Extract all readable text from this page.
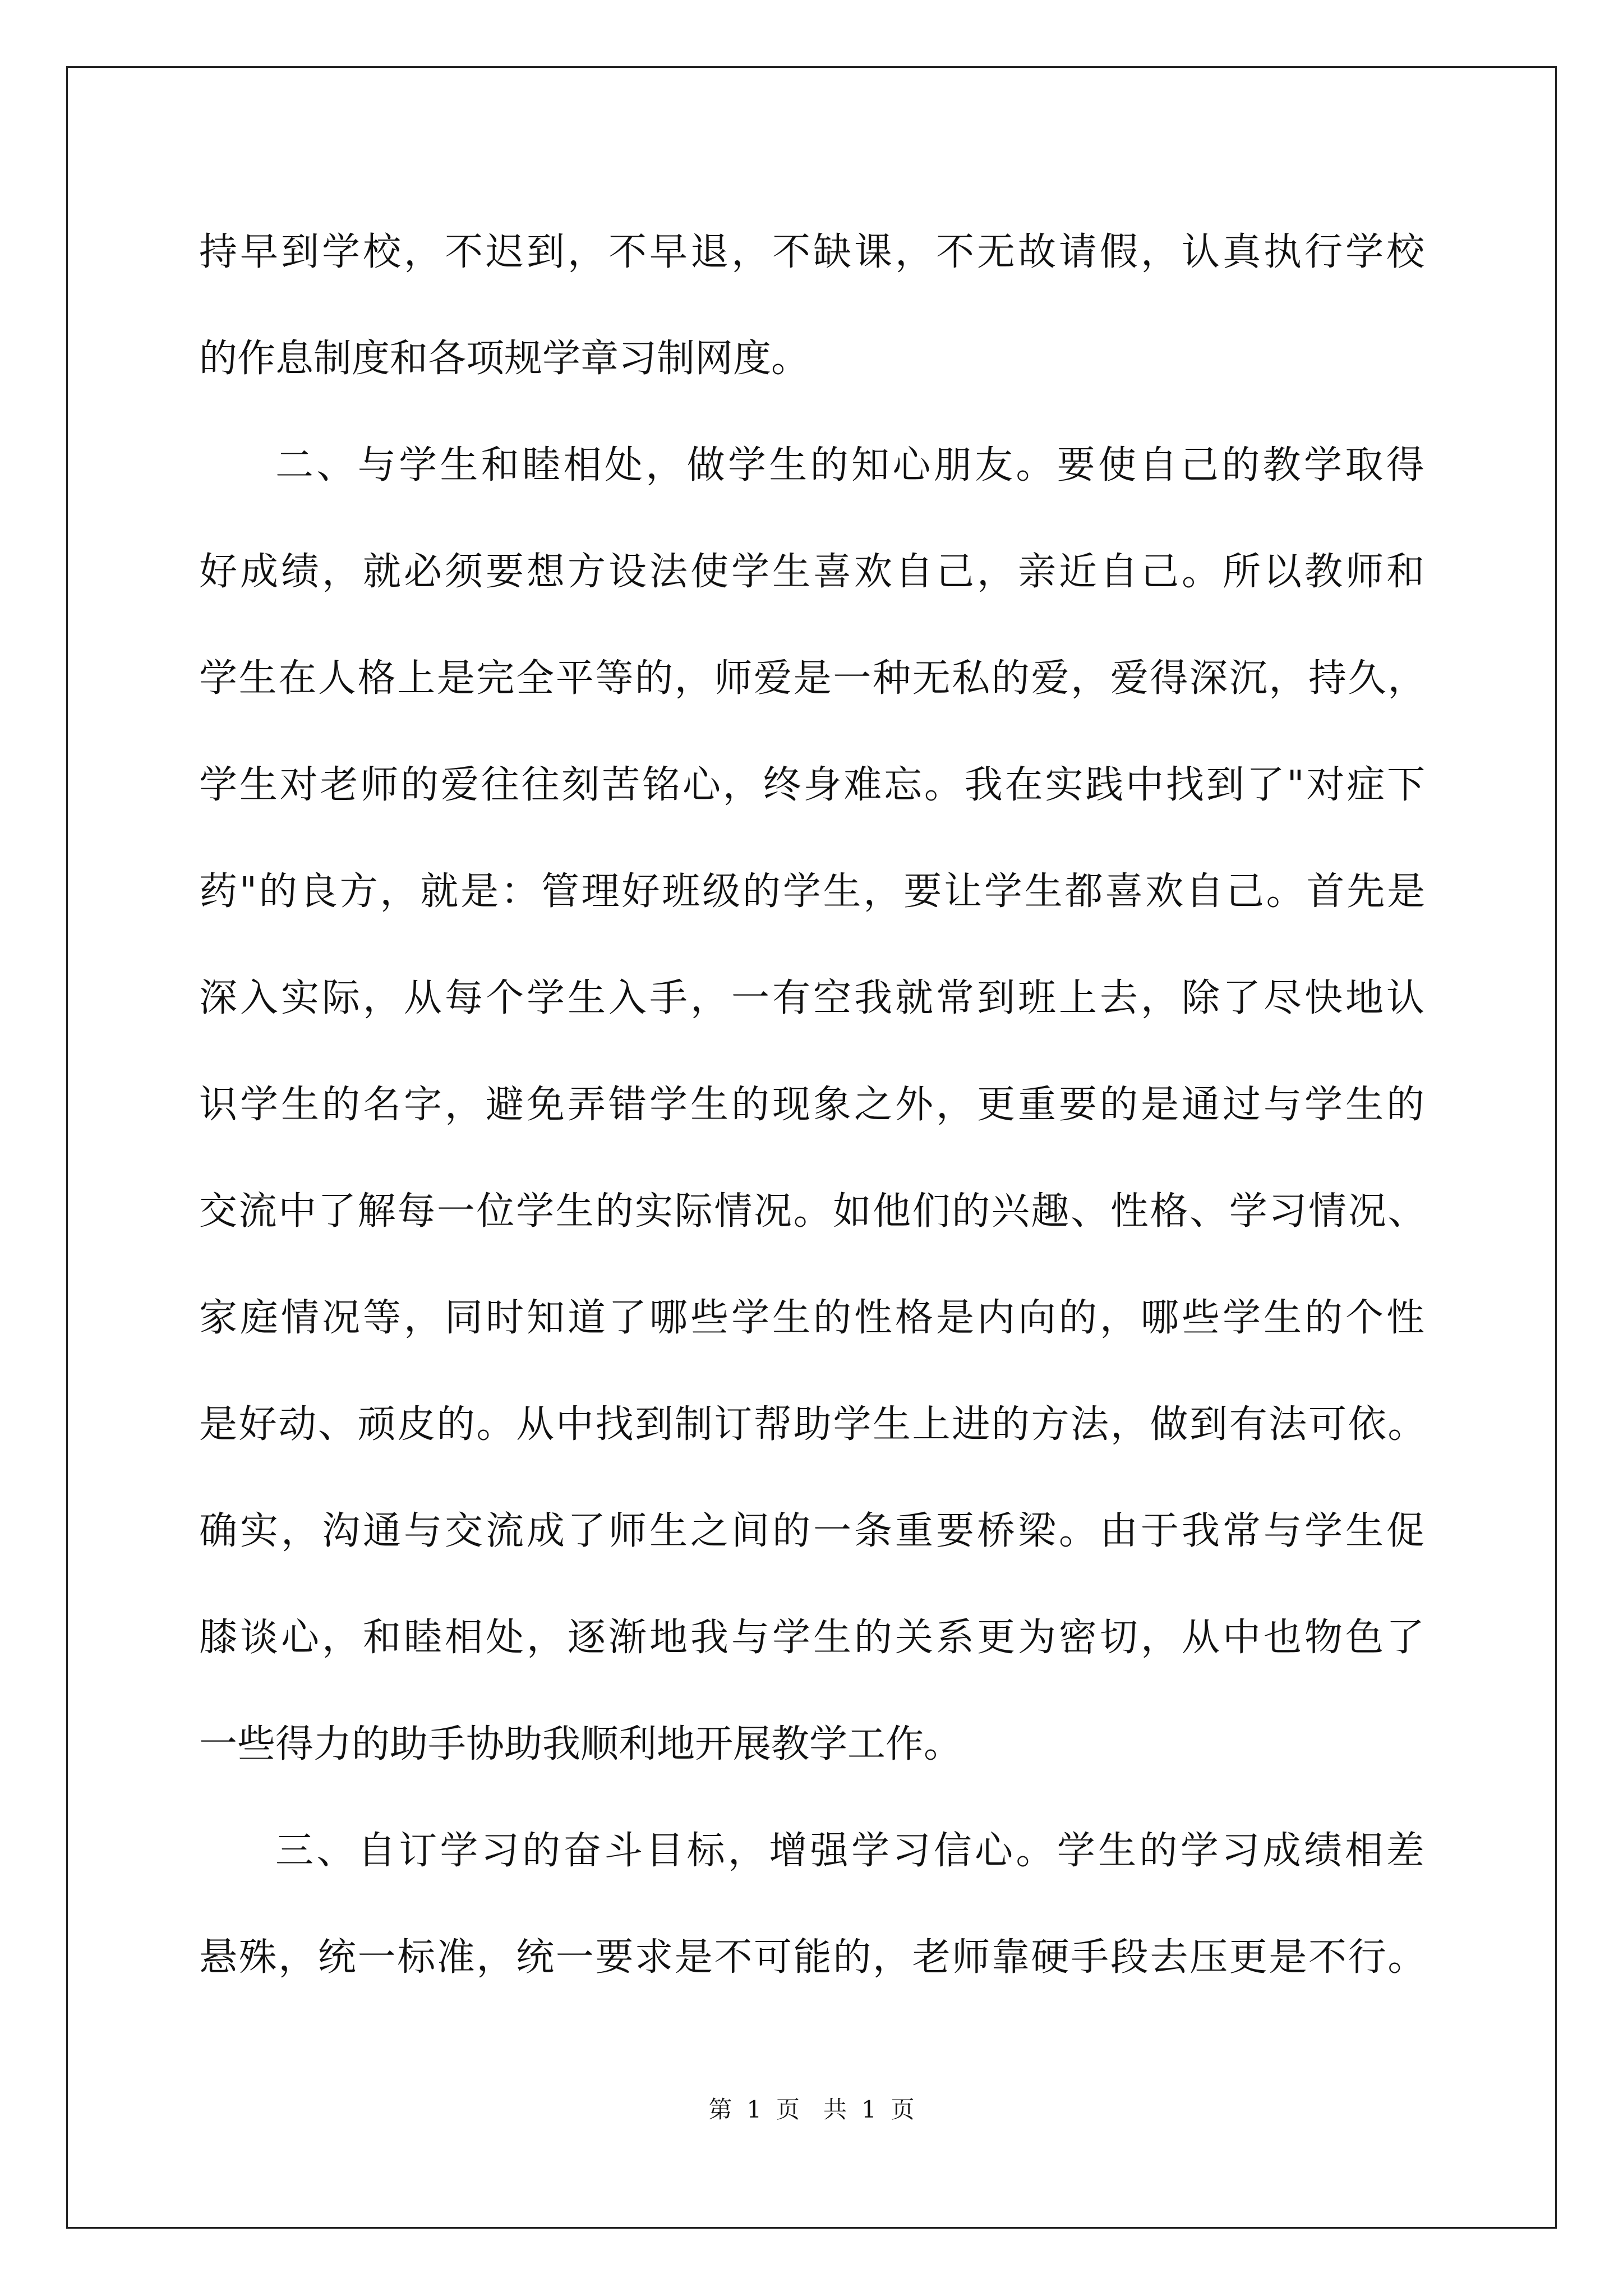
持早到学校，不迟到，不早退，不缺课，不无故请假，认真执行学校
的作息制度和各项规学章习制网度。
二、与学生和睦相处，做学生的知心朋友。要使自己的教学取得
好成绩，就必须要想方设法使学生喜欢自己，亲近自己。所以教师和
学生在人格上是完全平等的，师爱是一种无私的爱，爱得深沉，持久，
学生对老师的爱往往刻苦铭心，终身难忘。我在实践中找到了"对症下
药"的良方，就是：管理好班级的学生，要让学生都喜欢自己。首先是
深入实际，从每个学生入手，一有空我就常到班上去，除了尽快地认
识学生的名字，避免弄错学生的现象之外，更重要的是通过与学生的
交流中了解每一位学生的实际情况。如他们的兴趣、性格、学习情况、
家庭情况等，同时知道了哪些学生的性格是内向的，哪些学生的个性
是好动、顽皮的。从中找到制订帮助学生上进的方法，做到有法可依。
确实，沟通与交流成了师生之间的一条重要桥梁。由于我常与学生促
膝谈心，和睦相处，逐渐地我与学生的关系更为密切，从中也物色了
一些得力的助手协助我顺利地开展教学工作。
三、自订学习的奋斗目标，增强学习信心。学生的学习成绩相差
悬殊，统一标准，统一要求是不可能的，老师靠硬手段去压更是不行。
第 1 页　共 1 页
